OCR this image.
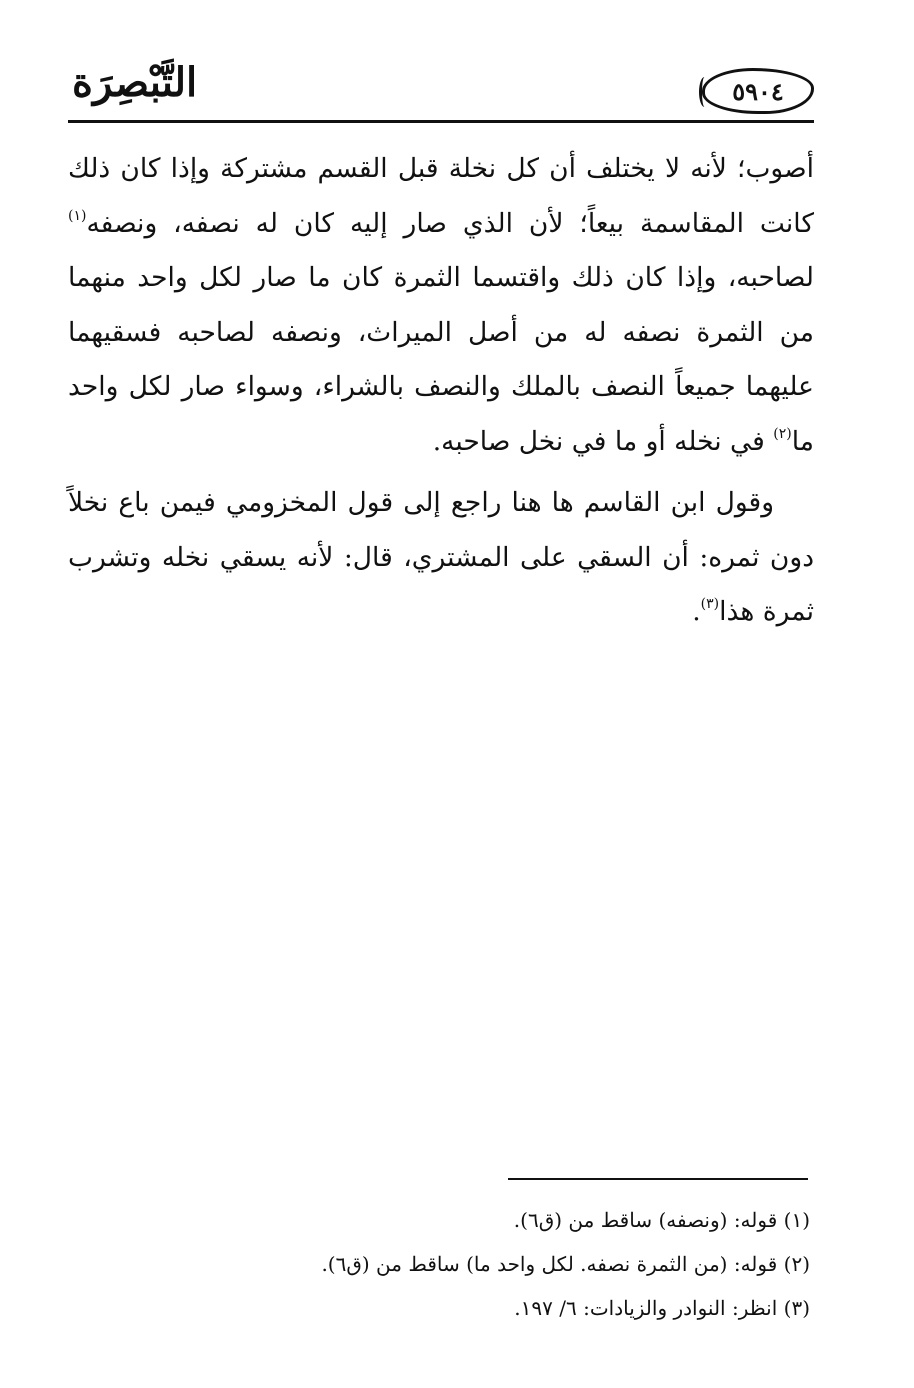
التَّبْصِرَة	٥٩٠٤

أصوب؛ لأنه لا يختلف أن كل نخلة قبل القسم مشتركة وإذا كان ذلك كانت المقاسمة بيعاً؛ لأن الذي صار إليه كان له نصفه، ونصفه$^{(١)}$ لصاحبه، وإذا كان ذلك واقتسما الثمرة كان ما صار لكل واحد منهما من الثمرة نصفه له من أصل الميراث، ونصفه لصاحبه فسقيهما عليهما جميعاً النصف بالملك والنصف بالشراء، وسواء صار لكل واحد ما$^{(٢)}$ في نخله أو ما في نخل صاحبه.

وقول ابن القاسم ها هنا راجع إلى قول المخزومي فيمن باع نخلاً دون ثمره: أن السقي على المشتري، قال: لأنه يسقي نخله وتشرب ثمرة هذا$^{(٣)}$.

(١) قوله: (ونصفه) ساقط من (ق٦).

(٢) قوله: (من الثمرة نصفه. لكل واحد ما) ساقط من (ق٦).

(٣) انظر: النوادر والزيادات: ٦/ ١٩٧.
